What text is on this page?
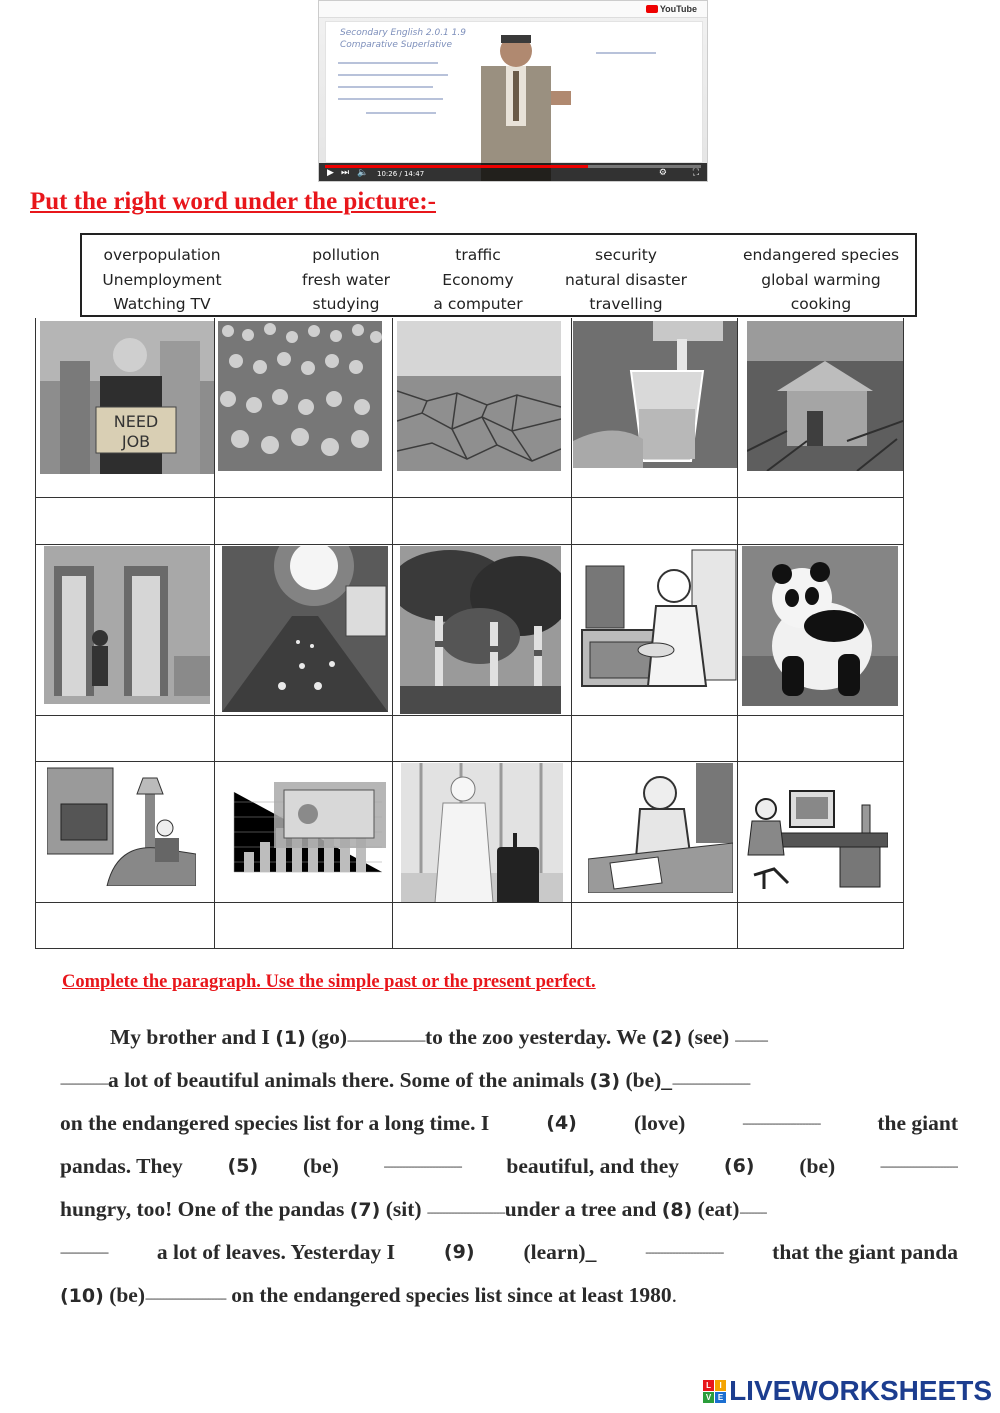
YouTube
Secondary English 2.0.1 1.9
Comparative Superlative
▶ ⏭ 🔈 10:26 / 14:47	⚙	⛶
Put the right word under the picture:-
overpopulation	pollution	traffic	security	endangered species
Unemployment	fresh water	Economy	natural disaster	global warming
Watching TV	studying	a computer	travelling	cooking
NEED
JOB
Complete the paragraph. Use the simple past or the present perfect.
My brother and I (1) (go)--------------------------to the zoo yesterday. We (2) (see) -----------
----------------a lot of beautiful animals there. Some of the animals (3) (be)_--------------------------
on the endangered species list for a long time. I	(4)	(love)	--------------------------	the giant
pandas. They (5) (be)	-------------------------- beautiful, and they (6) (be)	--------------------------
hungry, too! One of the pandas (7) (sit) --------------------------under a tree and (8) (eat)---------
---------------- a lot of leaves. Yesterday I	(9) (learn)_	-------------------------- that the giant panda
(10) (be)--------------------------- on the endangered species list since at least 1980.
L	I
V E LIVEWORKSHEETS
